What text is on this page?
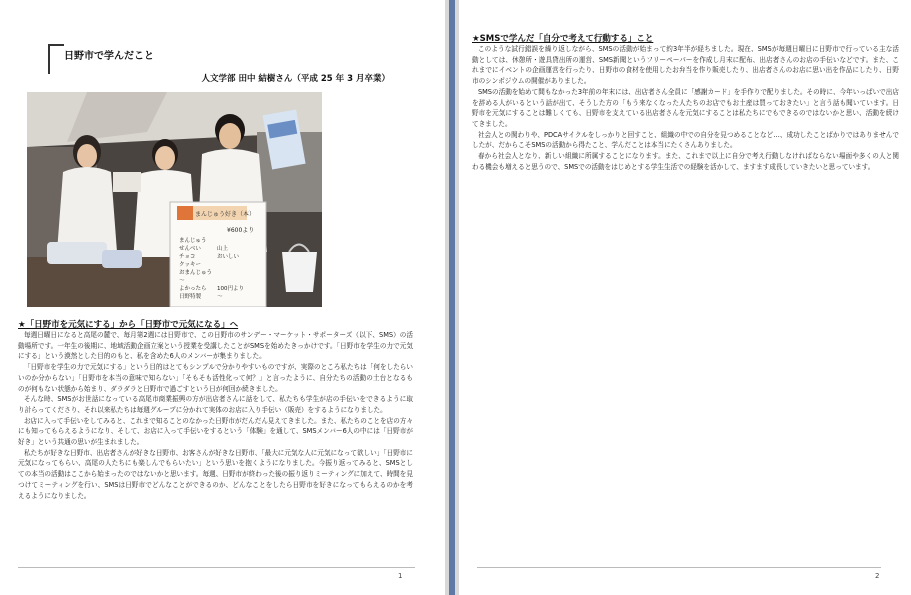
日野市で学んだこと
人文学部 田中 結樹さん（平成 25 年 3 月卒業）
まんじゅう好き（本）
¥600より
まんじゅう
せんべい
チョコ
クッキー
おまんじゅう
〜
よかったら
日野特製
山上
おいしい
100円より
〜
★「日野市を元気にする」から「日野市で元気になる」へ

毎週日曜日になると高尾の麓で、毎月第2週には日野市で、この日野市のサンデー・マーケット・サポーターズ（以下、SMS）の活動場所です。一年生の後期に、地域活動企画立案という授業を受講したことがSMSを始めたきっかけです。「日野市を学生の力で元気にする」という漠然とした目的のもと、私を含めた6人のメンバーが集まりました。

「日野市を学生の力で元気にする」という目的はとてもシンプルで分かりやすいものですが、実際のところ私たちは「何をしたらいいのか分からない」「日野市を本当の意味で知らない」「そもそも活性化って何？」と言ったように、自分たちの活動の土台となるものが何もない状態から始まり、ダラダラと日野市で過ごすという日が何回か続きました。

そんな時、SMSがお世話になっている高尾市商業振興の方が出店者さんに話をして、私たちも学生が店の手伝いをできるように取り計らってくださり、それ以来私たちは毎週グループに分かれて実体のお店に入り手伝い（販売）をするようになりました。

お店に入って手伝いをしてみると、これまで知ることのなかった日野市がだんだん見えてきました。また、私たちのことを店の方々にも知ってもらえるようになり、そして、お店に入って手伝いをするという「体験」を通して、SMSメンバー6人の中には「日野市が好き」という共通の思いが生まれました。

私たちが好きな日野市、出店者さんが好きな日野市、お客さんが好きな日野市、「最大に元気な人に元気になって欲しい」「日野市に元気になってもらい、高尾の人たちにも楽しんでもらいたい」という思いを抱くようになりました。今振り返ってみると、SMSとしての本当の活動はここから始まったのではないかと思います。毎週、日野市が終わった後の振り返りミーティングに加えて、時間を見つけてミーティングを行い、SMSは日野市でどんなことができるのか、どんなことをしたら日野市を好きになってもらえるのかを考えるようになりました。

1
★SMSで学んだ「自分で考えて行動する」こと

このような試行錯誤を繰り返しながら、SMSの活動が始まって約3年半が経ちました。現在、SMSが毎週日曜日に日野市で行っている主な活動としては、休憩所・遊具貸出所の運営、SMS新聞というフリーペーパーを作成し月末に配布、出店者さんのお店の手伝いなどです。また、これまでにイベントの企画運営を行ったり、日野市の食材を使用したお弁当を作り販売したり、出店者さんのお店に思い出を作品にしたり、日野市のシンポジウムの開催がありました。

SMSの活動を始めて間もなかった3年前の年末には、出店者さん全員に「感謝カード」を手作りで配りました。その時に、今年いっぱいで出店を辞める人がいるという話が出て、そうした方の「もう来なくなった人たちのお店でもお土産は買っておきたい」と言う話も聞いています。日野市を元気にすることは難しくても、日野市を支えている出店者さんを元気にすることは私たちにでもできるのではないかと思い、活動を続けてきました。

社会人との関わりや、PDCAサイクルをしっかりと回すこと、組織の中での自分を見つめることなど…、成功したことばかりではありませんでしたが、だからこそSMSの活動から得たこと、学んだことは本当にたくさんありました。

春から社会人となり、新しい組織に所属することになります。また、これまで以上に自分で考え行動しなければならない場面や多くの人と関わる機会も増えると思うので、SMSでの活動をはじめとする学生生活での経験を活かして、ますます成長していきたいと思っています。

2
